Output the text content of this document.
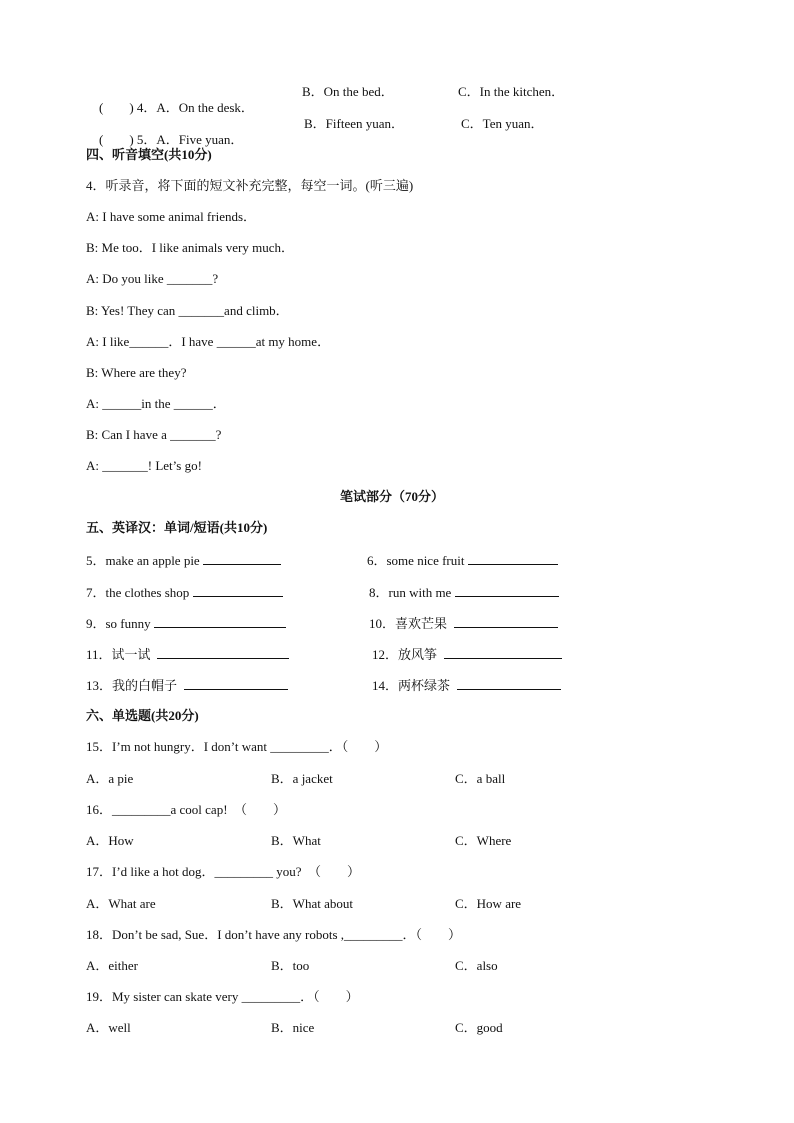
(        ) 4．A．On the desk．

B．On the bed．	C．In the kitchen．

(        ) 5．A．Five yuan．

B．Fifteen yuan．	C．Ten yuan．
四、听音填空(共10分)
4．听录音，将下面的短文补充完整，每空一词。(听三遍)
A: I have some animal friends．
B: Me too．I like animals very much．
A: Do you like _______?
B: Yes! They can _______and climb．
A: I like______．I have ______at my home．
B: Where are they?
A: ______in the ______．
B: Can I have a _______?
A: _______! Let’s go!
笔试部分（70分）
五、英译汉：单词/短语(共10分)
5．make an apple pie	6．some nice fruit
7．the clothes shop	8．run with me
9．so funny	10．喜欢芒果
11．试一试	12．放风筝
13．我的白帽子	14．两杯绿茶
六、单选题(共20分)
15．I’m not hungry．I don’t want _________．（        ）
A．a pie	B．a jacket	C．a ball
16．_________a cool cap!  （        ）
A．How	B．What	C．Where
17．I’d like a hot dog．_________ you?  （        ）
A．What are	B．What about	C．How are
18．Don’t be sad, Sue．I don’t have any robots ,_________．（        ）
A．either	B．too	C．also
19．My sister can skate very _________．（        ）
A．well	B．nice	C．good
